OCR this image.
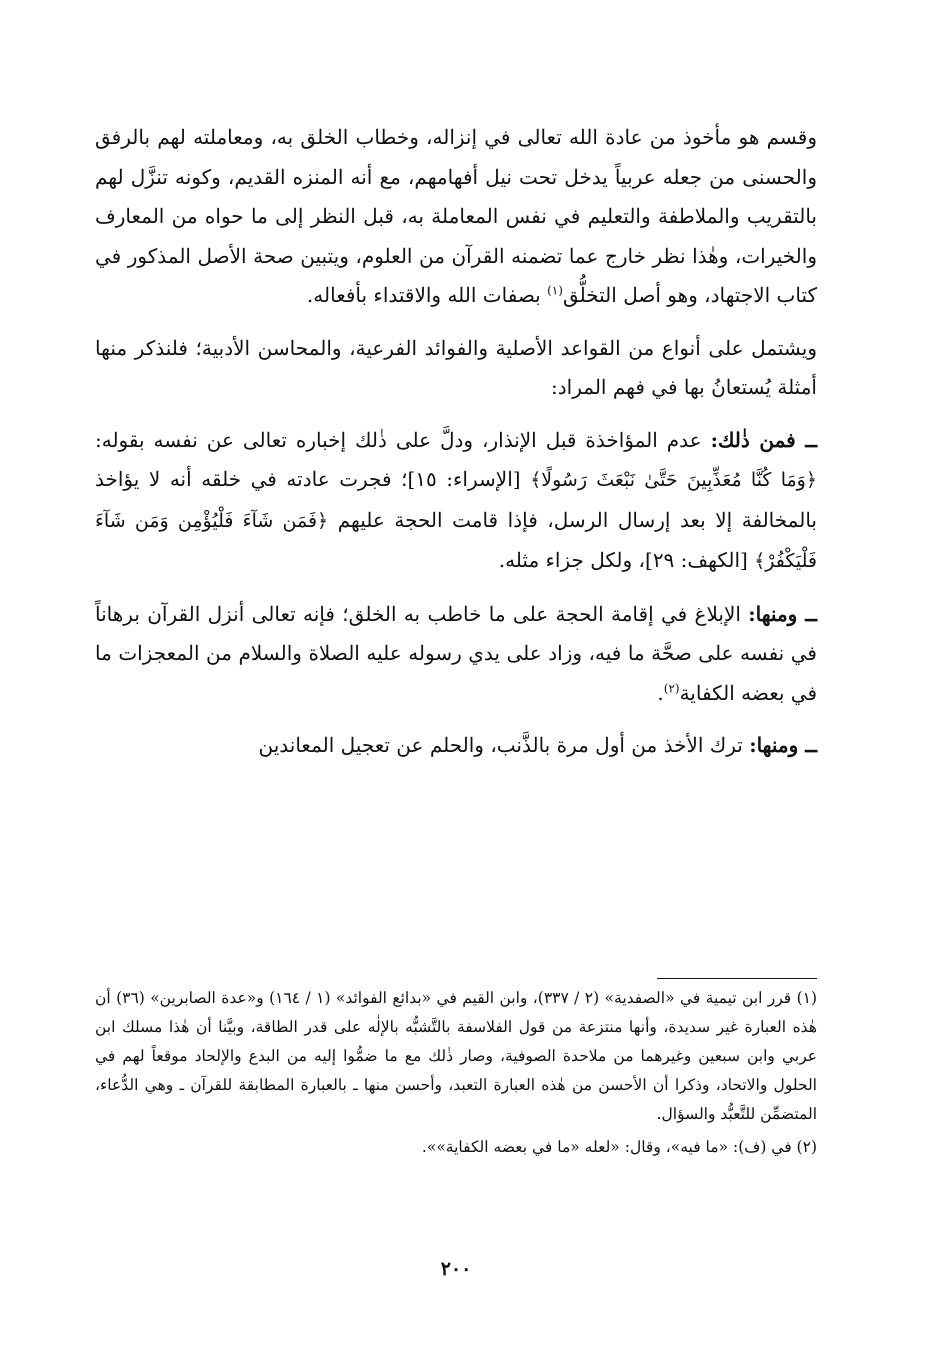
وقسم هو مأخوذ من عادة الله تعالى في إنزاله، وخطاب الخلق به، ومعاملته لهم بالرفق والحسنى من جعله عربياً يدخل تحت نيل أفهامهم، مع أنه المنزه القديم، وكونه تنزَّل لهم بالتقريب والملاطفة والتعليم في نفس المعاملة به، قبل النظر إلى ما حواه من المعارف والخيرات، وهٰذا نظر خارج عما تضمنه القرآن من العلوم، ويتبين صحة الأصل المذكور في كتاب الاجتهاد، وهو أصل التخلُّق$^{(١)}$ بصفات الله والاقتداء بأفعاله.

ويشتمل على أنواع من القواعد الأصلية والفوائد الفرعية، والمحاسن الأدبية؛ فلنذكر منها أمثلة يُستعانُ بها في فهم المراد:

ــ فمن ذٰلك: عدم المؤاخذة قبل الإنذار، ودلَّ على ذٰلك إخباره تعالى عن نفسه بقوله: ﴿وَمَا كُنَّا مُعَذِّبِينَ حَتَّىٰ نَبْعَثَ رَسُولًا﴾ [الإسراء: ١٥]؛ فجرت عادته في خلقه أنه لا يؤاخذ بالمخالفة إلا بعد إرسال الرسل، فإذا قامت الحجة عليهم ﴿فَمَن شَآءَ فَلْيُؤْمِن وَمَن شَآءَ فَلْيَكْفُرْ﴾ [الكهف: ٢٩]، ولكل جزاء مثله.

ــ ومنها: الإبلاغ في إقامة الحجة على ما خاطب به الخلق؛ فإنه تعالى أنزل القرآن برهاناً في نفسه على صحَّة ما فيه، وزاد على يدي رسوله عليه الصلاة والسلام من المعجزات ما في بعضه الكفاية$^{(٢)}$.

ــ ومنها: ترك الأخذ من أول مرة بالذَّنب، والحلم عن تعجيل المعاندين

(١) قرر ابن تيمية في «الصفدية» (٢ / ٣٣٧)، وابن القيم في «بدائع الفوائد» (١ / ١٦٤) و«عدة الصابرين» (٣٦) أن هٰذه العبارة غير سديدة، وأنها منتزعة من قول الفلاسفة بالتَّشبُّه بالإلٰه على قدر الطاقة، وبيَّنا أن هٰذا مسلك ابن عربي وابن سبعين وغيرهما من ملاحدة الصوفية، وصار ذٰلك مع ما ضمُّوا إليه من البدع والإلحاد موقعاً لهم في الحلول والاتحاد، وذكرا أن الأحسن من هٰذه العبارة التعبد، وأحسن منها ـ بالعبارة المطابقة للقرآن ـ وهي الدُّعاء، المتضمِّن للتَّعبُّد والسؤال.

(٢) في (ف): «ما فيه»، وقال: «لعله «ما في بعضه الكفاية»».

٢٠٠
